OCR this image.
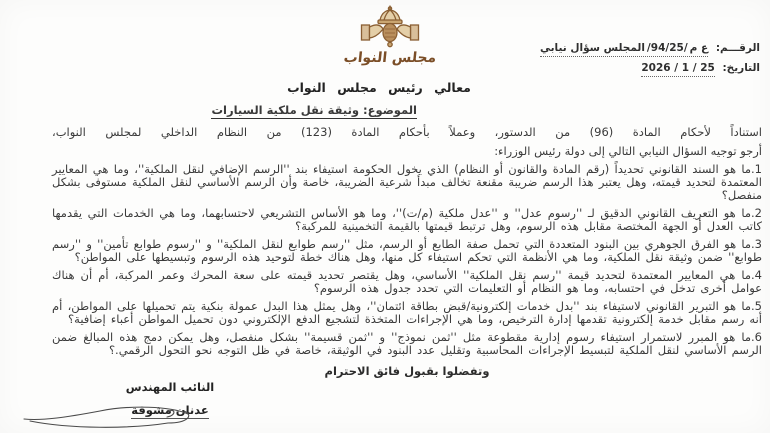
مجلس النواب
الرقـــم: ع م/94/25/المجلس سؤال نيابي
التاريخ: 2026 / 1 / 25
معالي رئيس مجلس النواب
الموضوع: وثيقة نقل ملكية السيارات

استناداً لأحكام المادة (96) من الدستور، وعملاً بأحكام المادة (123) من النظام الداخلي لمجلس النواب،

أرجو توجيه السؤال النيابي التالي إلى دولة رئيس الوزراء:

1.ما هو السند القانوني تحديداً (رقم المادة والقانون أو النظام) الذي يخول الحكومة استيفاء بند ''الرسم الإضافي لنقل الملكية''، وما هي المعايير المعتمدة لتحديد قيمته، وهل يعتبر هذا الرسم ضريبة مقنعة تخالف مبدأ شرعية الضريبة، خاصة وأن الرسم الأساسي لنقل الملكية مستوفى بشكل منفصل؟

2.ما هو التعريف القانوني الدقيق لـ ''رسوم عدل'' و ''عدل ملكية (م/ت)''، وما هو الأساس التشريعي لاحتسابهما، وما هي الخدمات التي يقدمها كاتب العدل أو الجهة المختصة مقابل هذه الرسوم، وهل ترتبط قيمتها بالقيمة التخمينية للمركبة؟

3.ما هو الفرق الجوهري بين البنود المتعددة التي تحمل صفة الطابع أو الرسم، مثل ''رسم طوابع لنقل الملكية'' و ''رسوم طوابع تأمين'' و ''رسم طوابع'' ضمن وثيقة نقل الملكية، وما هي الأنظمة التي تحكم استيفاء كل منها، وهل هناك خطة لتوحيد هذه الرسوم وتبسيطها على المواطن؟

4.ما هي المعايير المعتمدة لتحديد قيمة ''رسم نقل الملكية'' الأساسي، وهل يقتصر تحديد قيمته على سعة المحرك وعمر المركبة، أم أن هناك عوامل أخرى تدخل في احتسابه، وما هو النظام أو التعليمات التي تحدد جدول هذه الرسوم؟

5.ما هو التبرير القانوني لاستيفاء بند ''بدل خدمات إلكترونية/قبض بطاقة ائتمان''، وهل يمثل هذا البدل عمولة بنكية يتم تحميلها على المواطن، أم أنه رسم مقابل خدمة إلكترونية تقدمها إدارة الترخيص، وما هي الإجراءات المتخذة لتشجيع الدفع الإلكتروني دون تحميل المواطن أعباء إضافية؟

6.ما هو المبرر لاستمرار استيفاء رسوم إدارية مقطوعة مثل ''ثمن نموذج'' و ''ثمن قسيمة'' بشكل منفصل، وهل يمكن دمج هذه المبالغ ضمن الرسم الأساسي لنقل الملكية لتبسيط الإجراءات المحاسبية وتقليل عدد البنود في الوثيقة، خاصة في ظل التوجه نحو التحول الرقمي.؟

وتفضلوا بقبول فائق الاحترام

النائب المهندس
عدنان مشوقة
